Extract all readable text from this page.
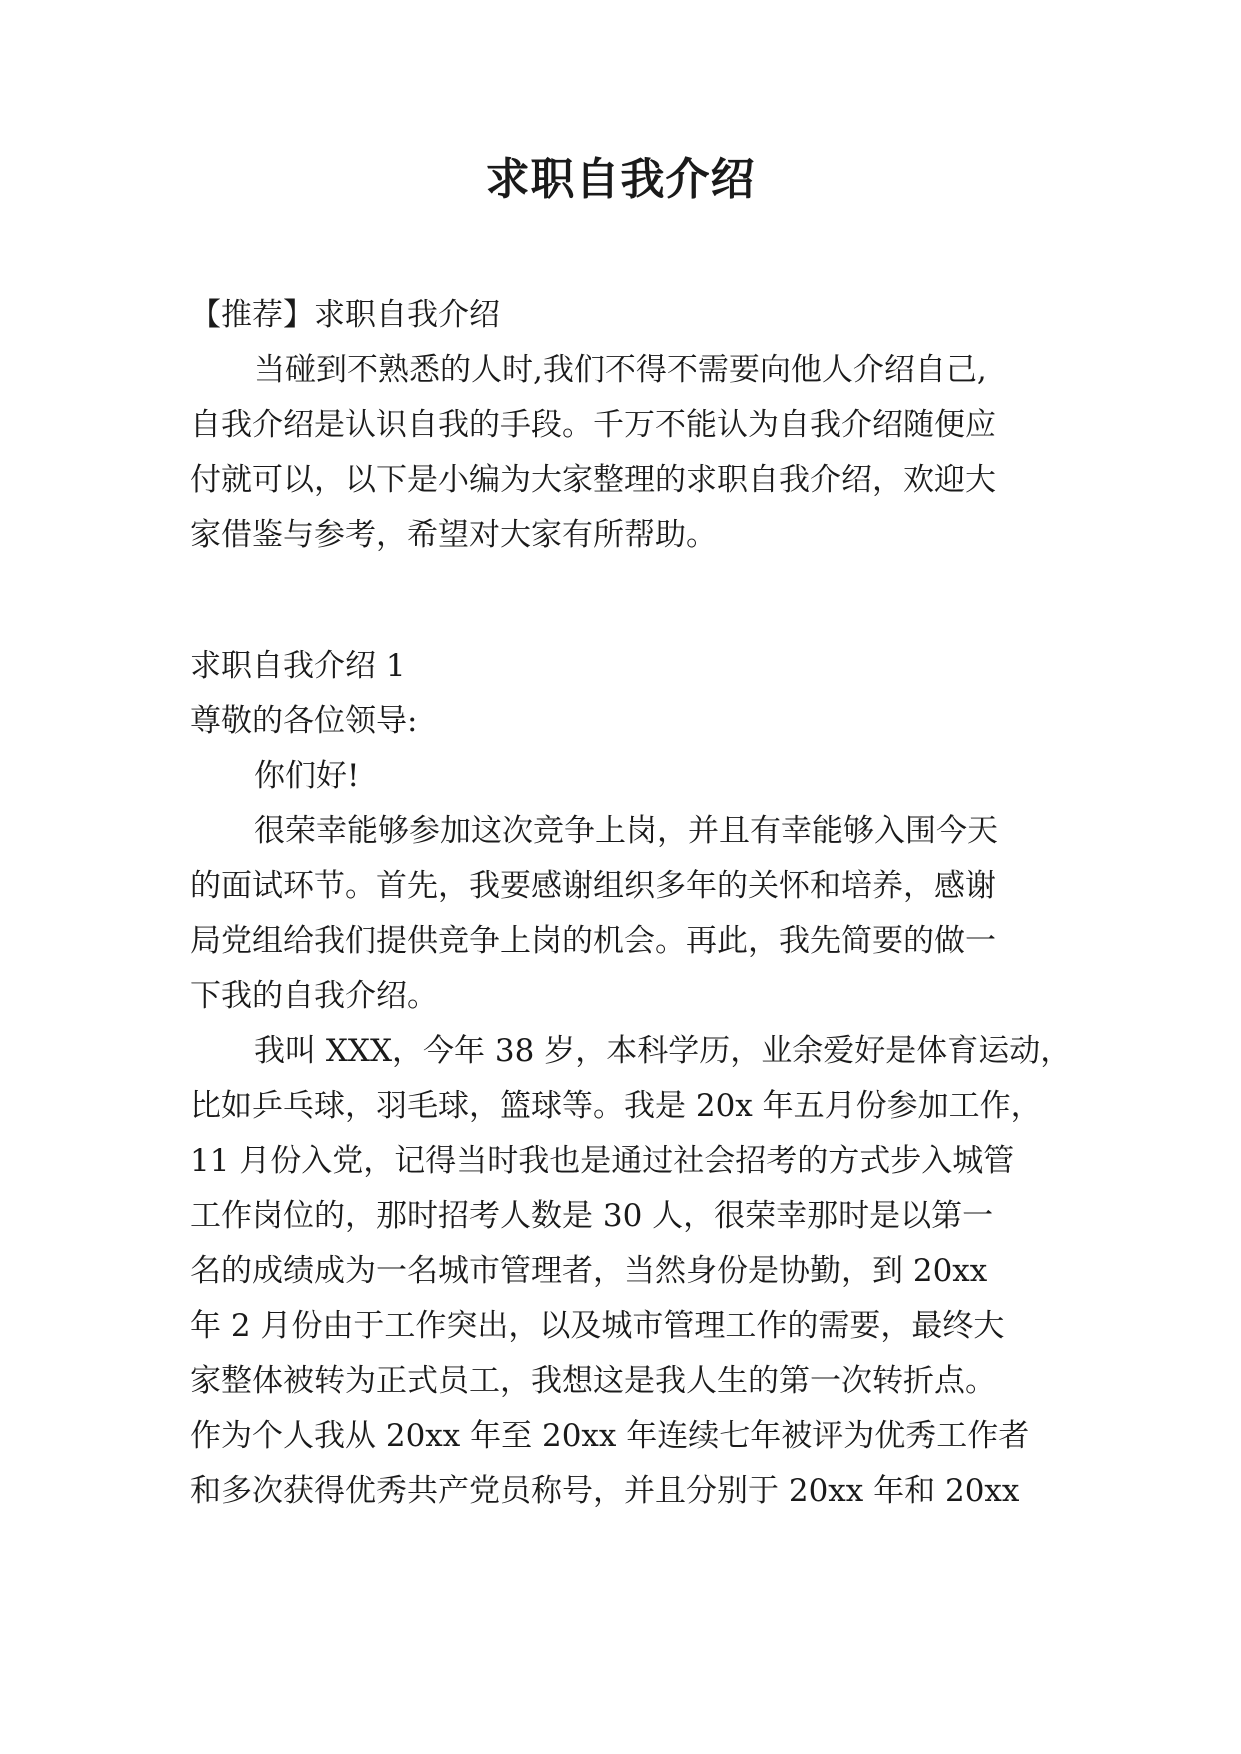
求职自我介绍
【推荐】求职自我介绍
当碰到不熟悉的人时,我们不得不需要向他人介绍自己,
自我介绍是认识自我的手段。千万不能认为自我介绍随便应
付就可以，以下是小编为大家整理的求职自我介绍，欢迎大
家借鉴与参考，希望对大家有所帮助。
求职自我介绍 1
尊敬的各位领导:
你们好!
很荣幸能够参加这次竞争上岗，并且有幸能够入围今天
的面试环节。首先，我要感谢组织多年的关怀和培养，感谢
局党组给我们提供竞争上岗的机会。再此，我先简要的做一
下我的自我介绍。
我叫 XXX，今年 38 岁，本科学历，业余爱好是体育运动，
比如乒乓球，羽毛球，篮球等。我是 20x 年五月份参加工作，
11 月份入党，记得当时我也是通过社会招考的方式步入城管
工作岗位的，那时招考人数是 30 人，很荣幸那时是以第一
名的成绩成为一名城市管理者，当然身份是协勤，到 20xx
年 2 月份由于工作突出，以及城市管理工作的需要，最终大
家整体被转为正式员工，我想这是我人生的第一次转折点。
作为个人我从 20xx 年至 20xx 年连续七年被评为优秀工作者
和多次获得优秀共产党员称号，并且分别于 20xx 年和 20xx
